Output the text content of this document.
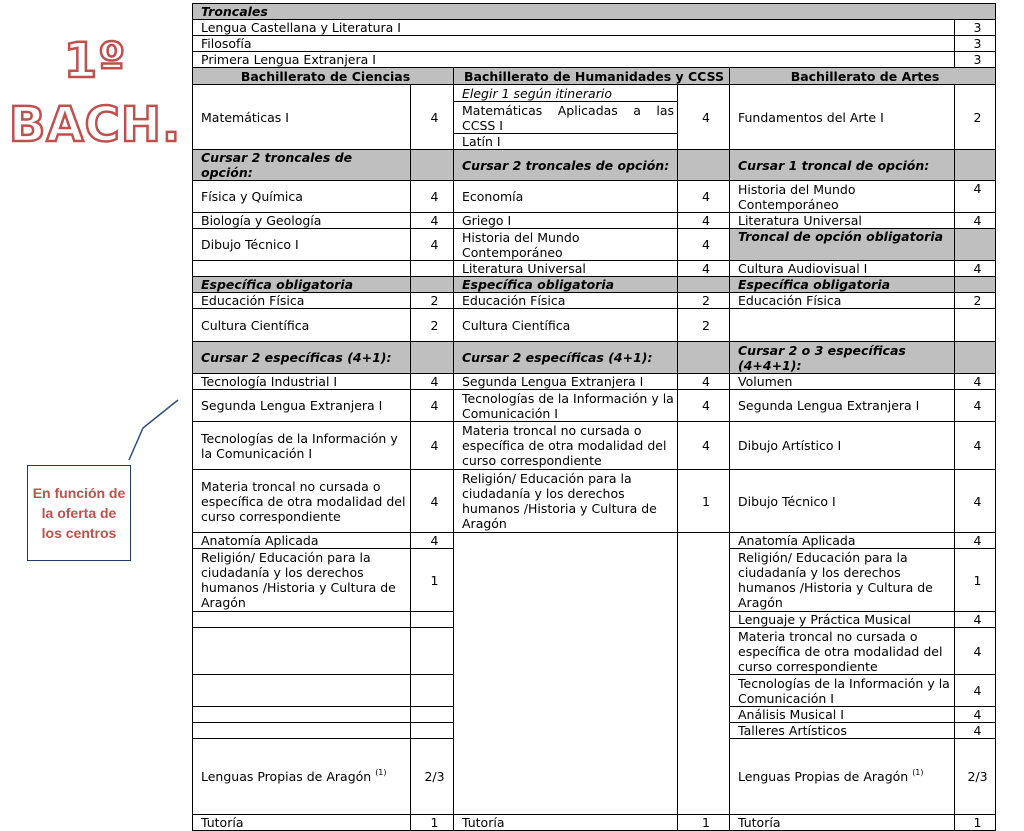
1º
BACH.
En función de la oferta de los centros
Troncales						
Lengua Castellana y Literatura I					3	
Filosofía					3	
Primera Lengua Extranjera I					3	
Bachillerato de Ciencias		Bachillerato de Humanidades y CCSS		Bachillerato de Artes		
Matemáticas I	4	Elegir 1 según itinerario	4	Fundamentos del Arte I	2	
		Matemáticas Aplicadas a las CCSS I				
		Latín I				
Cursar 2 troncales de opción:		Cursar 2 troncales de opción:		Cursar 1 troncal de opción:		
Física y Química	4	Economía	4	Historia del Mundo Contemporáneo	4	
Biología y Geología	4	Griego I	4	Literatura Universal	4	
Dibujo Técnico I	4	Historia del Mundo Contemporáneo	4	Troncal de opción obligatoria		
		Literatura Universal	4	Cultura Audiovisual I	4	
Específica obligatoria		Específica obligatoria		Específica obligatoria		
Educación Física	2	Educación Física	2	Educación Física	2	
Cultura Científica	2	Cultura Científica	2			
Cursar 2 específicas (4+1):		Cursar 2 específicas (4+1):		Cursar 2 o 3 específicas (4+4+1):		
Tecnología Industrial I	4	Segunda Lengua Extranjera I	4	Volumen	4	
Segunda Lengua Extranjera I	4	Tecnologías de la Información y la Comunicación I	4	Segunda Lengua Extranjera I	4	
Tecnologías de la Información y la Comunicación I	4	Materia troncal no cursada o específica de otra modalidad del curso correspondiente	4	Dibujo Artístico I	4	
Materia troncal no cursada o específica de otra modalidad del curso correspondiente	4	Religión/ Educación para la ciudadanía y los derechos humanos /Historia y Cultura de Aragón	1	Dibujo Técnico I	4	
Anatomía Aplicada	4			Anatomía Aplicada	4	
Religión/ Educación para la ciudadanía y los derechos humanos /Historia y Cultura de Aragón	1			Religión/ Educación para la ciudadanía y los derechos humanos /Historia y Cultura de Aragón	1	
				Lenguaje y Práctica Musical	4	
				Materia troncal no cursada o específica de otra modalidad del curso correspondiente	4	
				Tecnologías de la Información y la Comunicación I	4	
				Análisis Musical I	4	
				Talleres Artísticos	4	
Lenguas Propias de Aragón $^{(1)}$	2/3			Lenguas Propias de Aragón $^{(1)}$	2/3		
Tutoría	1	Tutoría	1	Tutoría	1	
